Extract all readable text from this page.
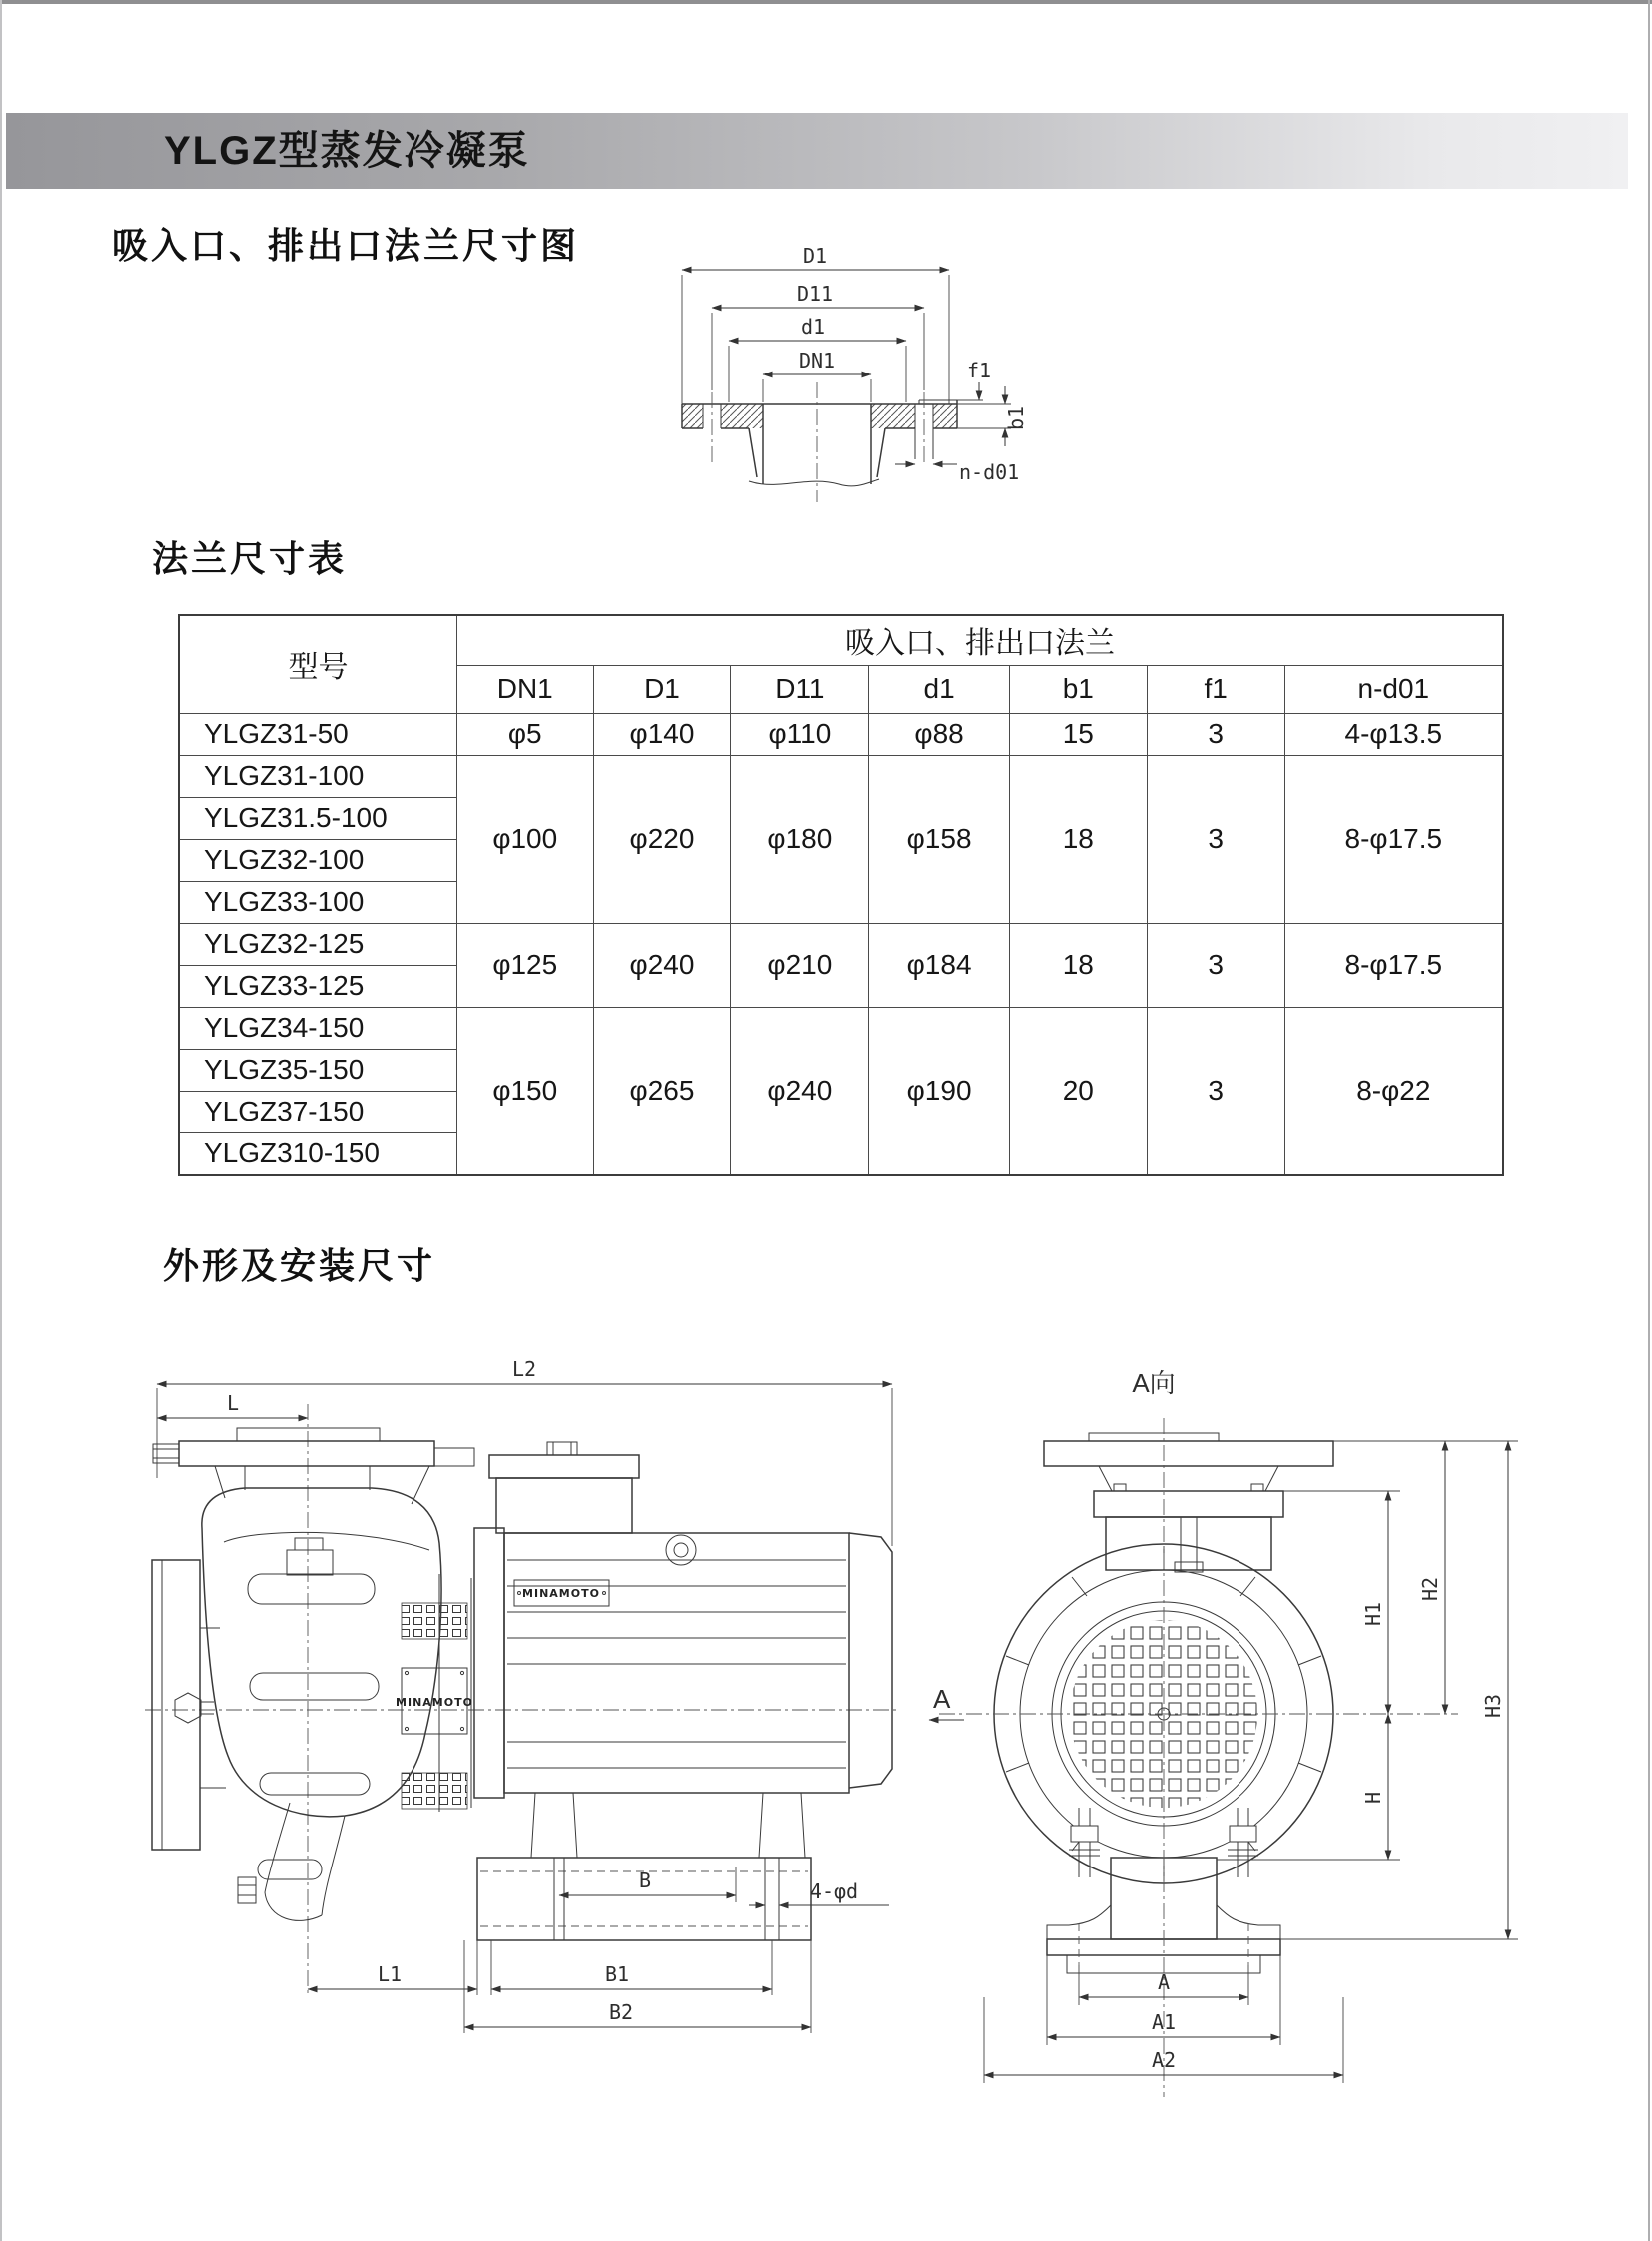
YLGZ型蒸发冷凝泵
吸入口、排出口法兰尺寸图	D1
D11
d1
DN1	f1
b1
n-d01
法兰尺寸表
型号	吸入口、排出口法兰						
	DN1	D1	D11	d1	b1	f1	n-d01
YLGZ31-50	φ5	φ140	φ110	φ88	15	3	4-φ13.5
YLGZ31-100	φ100	φ220	φ180	φ158	18	3	8-φ17.5
YLGZ31.5-100							
YLGZ32-100							
YLGZ33-100							
YLGZ32-125	φ125	φ240	φ210	φ184	18	3	8-φ17.5
YLGZ33-125							
YLGZ34-150	φ150	φ265	φ240	φ190	20	3	8-φ22
YLGZ35-150							
YLGZ37-150							
YLGZ310-150							
外形及安装尺寸
L2
L
MINAMOTO
MINAMOTO
B	4-φd
L1	B1
B2
A向
A
H1
H2
H
H3
A
A1
A2
